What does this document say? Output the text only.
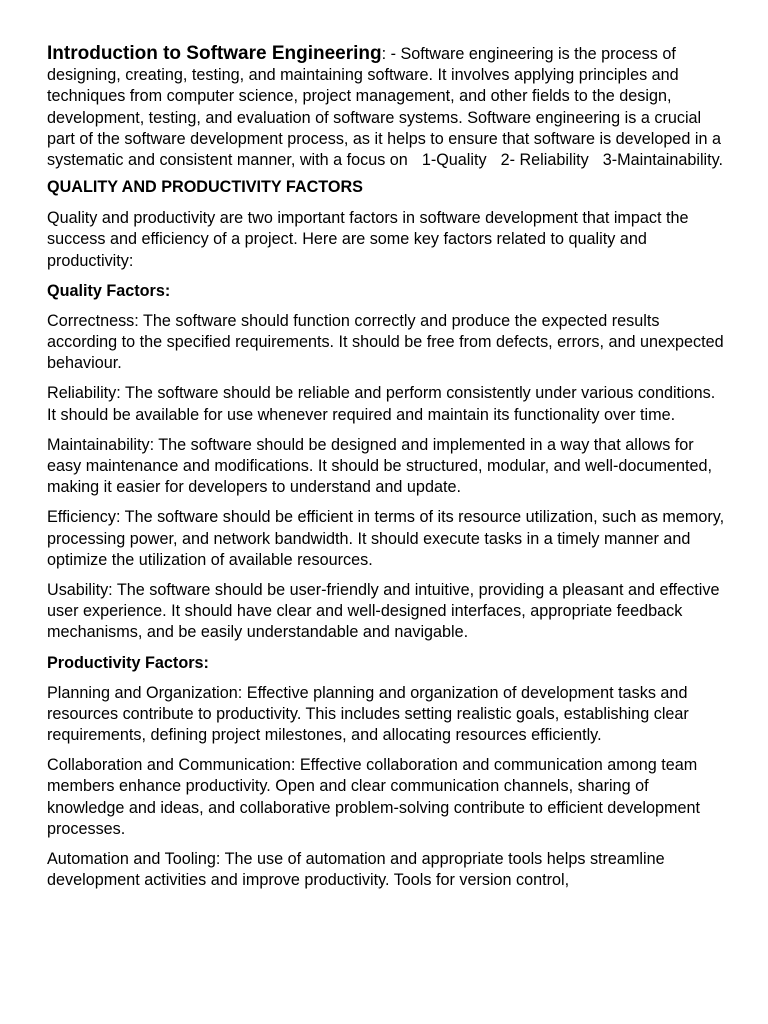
Introduction to Software Engineering: - Software engineering is the process of designing, creating, testing, and maintaining software. It involves applying principles and techniques from computer science, project management, and other fields to the design, development, testing, and evaluation of software systems. Software engineering is a crucial part of the software development process, as it helps to ensure that software is developed in a systematic and consistent manner, with a focus on 1-Quality 2- Reliability 3-Maintainability.

QUALITY AND PRODUCTIVITY FACTORS

Quality and productivity are two important factors in software development that impact the success and efficiency of a project. Here are some key factors related to quality and productivity:

Quality Factors:

Correctness: The software should function correctly and produce the expected results according to the specified requirements. It should be free from defects, errors, and unexpected behaviour.

Reliability: The software should be reliable and perform consistently under various conditions. It should be available for use whenever required and maintain its functionality over time.

Maintainability: The software should be designed and implemented in a way that allows for easy maintenance and modifications. It should be structured, modular, and well-documented, making it easier for developers to understand and update.

Efficiency: The software should be efficient in terms of its resource utilization, such as memory, processing power, and network bandwidth. It should execute tasks in a timely manner and optimize the utilization of available resources.

Usability: The software should be user-friendly and intuitive, providing a pleasant and effective user experience. It should have clear and well-designed interfaces, appropriate feedback mechanisms, and be easily understandable and navigable.

Productivity Factors:

Planning and Organization: Effective planning and organization of development tasks and resources contribute to productivity. This includes setting realistic goals, establishing clear requirements, defining project milestones, and allocating resources efficiently.

Collaboration and Communication: Effective collaboration and communication among team members enhance productivity. Open and clear communication channels, sharing of knowledge and ideas, and collaborative problem-solving contribute to efficient development processes.

Automation and Tooling: The use of automation and appropriate tools helps streamline development activities and improve productivity. Tools for version control,
